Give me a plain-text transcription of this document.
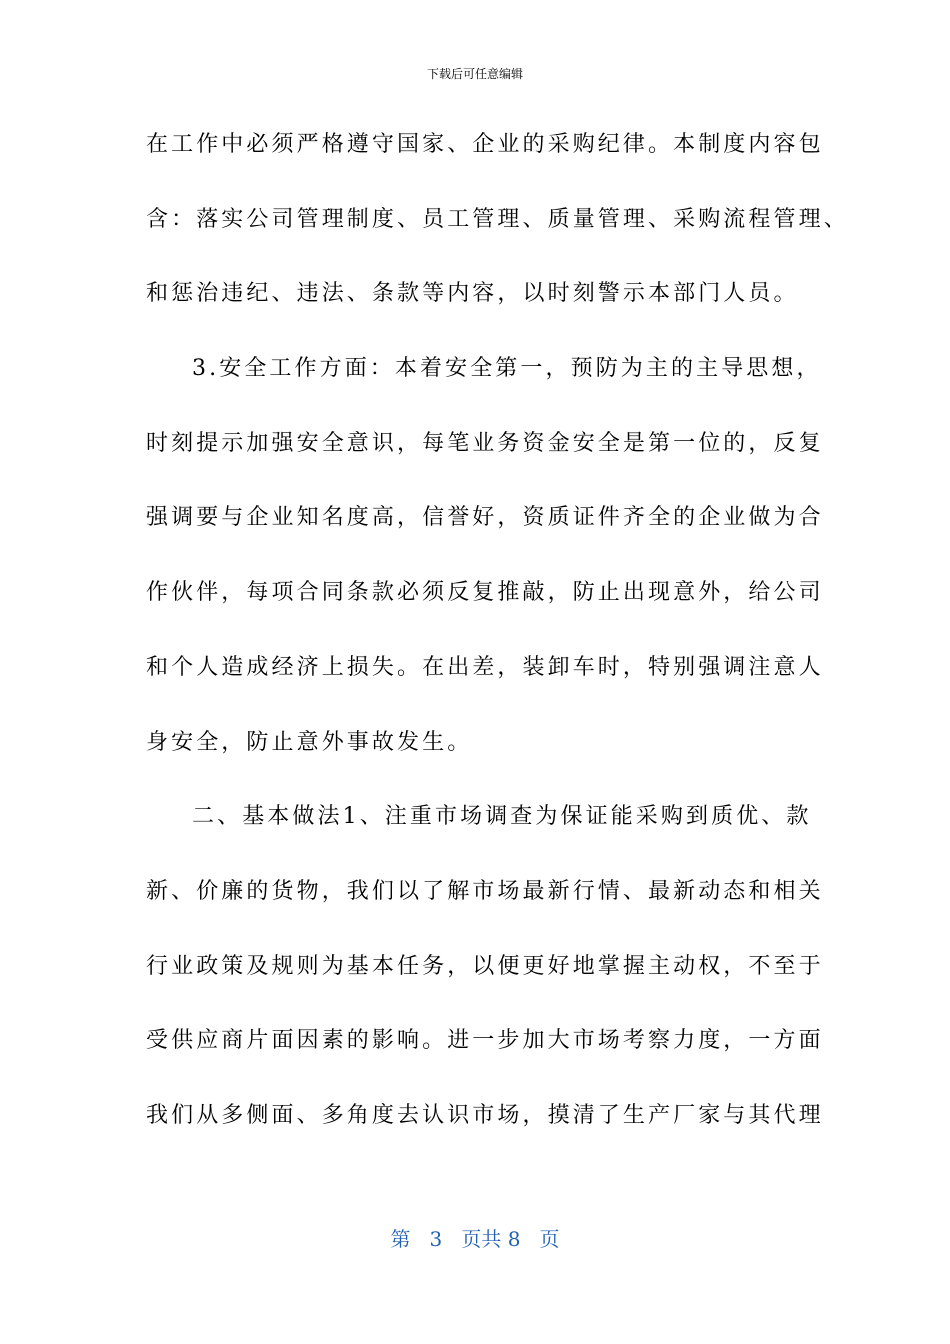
下载后可任意编辑
在工作中必须严格遵守国家、企业的采购纪律。本制度内容包
含：落实公司管理制度、员工管理、质量管理、采购流程管理、
和惩治违纪、违法、条款等内容，以时刻警示本部门人员。
3.安全工作方面：本着安全第一，预防为主的主导思想，
时刻提示加强安全意识，每笔业务资金安全是第一位的，反复
强调要与企业知名度高，信誉好，资质证件齐全的企业做为合
作伙伴，每项合同条款必须反复推敲，防止出现意外，给公司
和个人造成经济上损失。在出差，装卸车时，特别强调注意人
身安全，防止意外事故发生。
二、基本做法1、注重市场调查为保证能采购到质优、款
新、价廉的货物，我们以了解市场最新行情、最新动态和相关
行业政策及规则为基本任务，以便更好地掌握主动权，不至于
受供应商片面因素的影响。进一步加大市场考察力度，一方面
我们从多侧面、多角度去认识市场，摸清了生产厂家与其代理
第 3 页共 8 页
